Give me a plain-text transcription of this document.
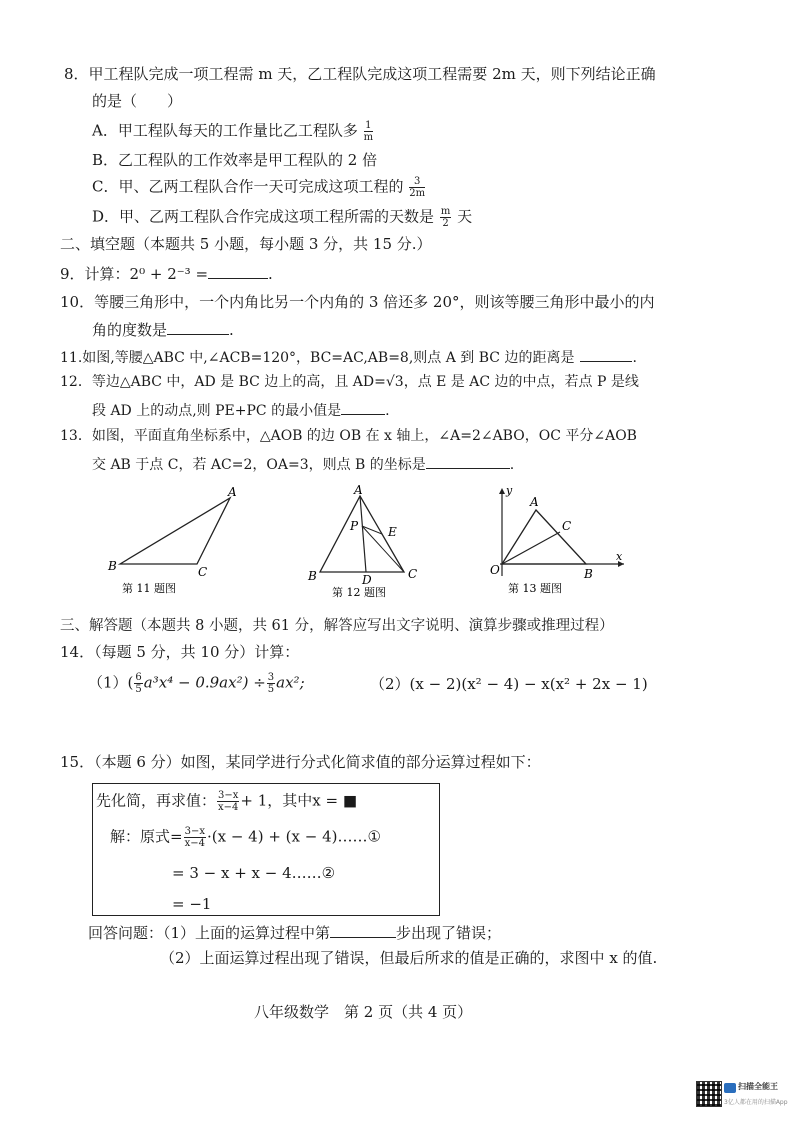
8．甲工程队完成一项工程需 m 天，乙工程队完成这项工程需要 2m 天，则下列结论正确
的是（　　）
A．甲工程队每天的工作量比乙工程队多 $\frac{1}{m}$
B．乙工程队的工作效率是甲工程队的 2 倍
C．甲、乙两工程队合作一天可完成这项工程的 $\frac{3}{2m}$
D．甲、乙两工程队合作完成这项工程所需的天数是 $\frac{m}{2}$ 天
二、填空题（本题共 5 小题，每小题 3 分，共 15 分.）
9．计算：2⁰ + 2⁻³ =	.
10．等腰三角形中，一个内角比另一个内角的 3 倍还多 20°，则该等腰三角形中最小的内
角的度数是	.
11.如图,等腰△ABC 中,∠ACB=120°，BC=AC,AB=8,则点 A 到 BC 边的距离是	.
12．等边△ABC 中，AD 是 BC 边上的高，且 AD=√3，点 E 是 AC 边的中点，若点 P 是线
段 AD 上的动点,则 PE+PC 的最小值是	.
13．如图，平面直角坐标系中，△AOB 的边 OB 在 x 轴上，∠A=2∠ABO，OC 平分∠AOB
交 AB 于点 C，若 AC=2，OA=3，则点 B 的坐标是	.
A
B	C
第 11 题图
A
P E
B	D	C
第 12 题图
y
x
A
C
O	B
第 13 题图
三、解答题（本题共 8 小题，共 61 分，解答应写出文字说明、演算步骤或推理过程）
14．（每题 5 分，共 10 分）计算：
$(1)( \frac{6}{5} a^3x^4 - 0.9ax^2) \div \frac{3}{5} ax^2$;	（2）(x − 2)(x² − 4) − x(x² + 2x − 1)
15．（本题 6 分）如图，某同学进行分式化简求值的部分运算过程如下：
先化简，再求值： $\frac{3-x}{x-4} + 1$，其中x = ■
解：原式= $\frac{3-x}{x-4} \cdot(x - 4) + (x$ − 4)……①
= 3 − x + x − 4……②
= −1
回答问题：（1）上面的运算过程中第	步出现了错误；
（2）上面运算过程出现了错误，但最后所求的值是正确的，求图中 x 的值.
八年级数学　第 2 页（共 4 页）
扫描全能王
3亿人都在用的扫描App
